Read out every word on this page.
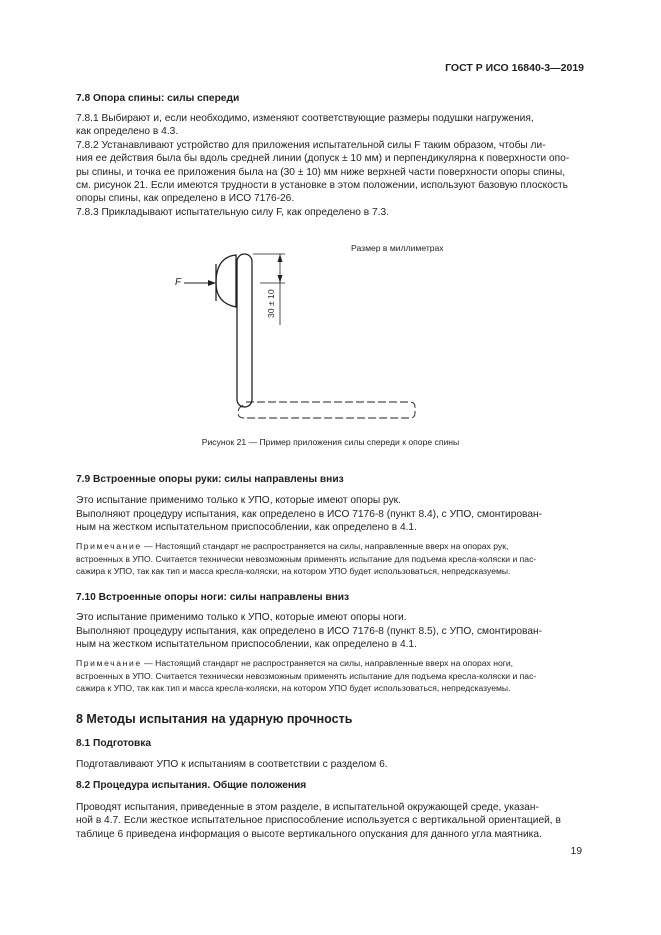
ГОСТ Р ИСО 16840-3—2019
7.8 Опора спины: силы спереди
7.8.1 Выбирают и, если необходимо, изменяют соответствующие размеры подушки нагружения,
как определено в 4.3.
7.8.2 Устанавливают устройство для приложения испытательной силы F таким образом, чтобы ли-
ния ее действия была бы вдоль средней линии (допуск ± 10 мм) и перпендикулярна к поверхности опо-
ры спины, и точка ее приложения была на (30 ± 10) мм ниже верхней части поверхности опоры спины,
см. рисунок 21. Если имеются трудности в установке в этом положении, используют базовую плоскость
опоры спины, как определено в ИСО 7176-26.
7.8.3 Прикладывают испытательную силу F, как определено в 7.3.
Размер в миллиметрах
F
30 ± 10
Рисунок 21 — Пример приложения силы спереди к опоре спины
7.9 Встроенные опоры руки: силы направлены вниз
Это испытание применимо только к УПО, которые имеют опоры рук.
Выполняют процедуру испытания, как определено в ИСО 7176-8 (пункт 8.4), с УПО, смонтирован-
ным на жестком испытательном приспособлении, как определено в 4.1.
Примечание — Настоящий стандарт не распространяется на силы, направленные вверх на опорах рук,
встроенных в УПО. Считается технически невозможным применять испытание для подъема кресла-коляски и пас-
сажира к УПО, так как тип и масса кресла-коляски, на котором УПО будет использоваться, непредсказуемы.
7.10 Встроенные опоры ноги: силы направлены вниз
Это испытание применимо только к УПО, которые имеют опоры ноги.
Выполняют процедуру испытания, как определено в ИСО 7176-8 (пункт 8.5), с УПО, смонтирован-
ным на жестком испытательном приспособлении, как определено в 4.1.
Примечание — Настоящий стандарт не распространяется на силы, направленные вверх на опорах ноги,
встроенных в УПО. Считается технически невозможным применять испытание для подъема кресла-коляски и пас-
сажира к УПО, так как тип и масса кресла-коляски, на котором УПО будет использоваться, непредсказуемы.
8 Методы испытания на ударную прочность
8.1 Подготовка
Подготавливают УПО к испытаниям в соответствии с разделом 6.
8.2 Процедура испытания. Общие положения
Проводят испытания, приведенные в этом разделе, в испытательной окружающей среде, указан-
ной в 4.7. Если жесткое испытательное приспособление используется с вертикальной ориентацией, в
таблице 6 приведена информация о высоте вертикального опускания для данного угла маятника.
19
